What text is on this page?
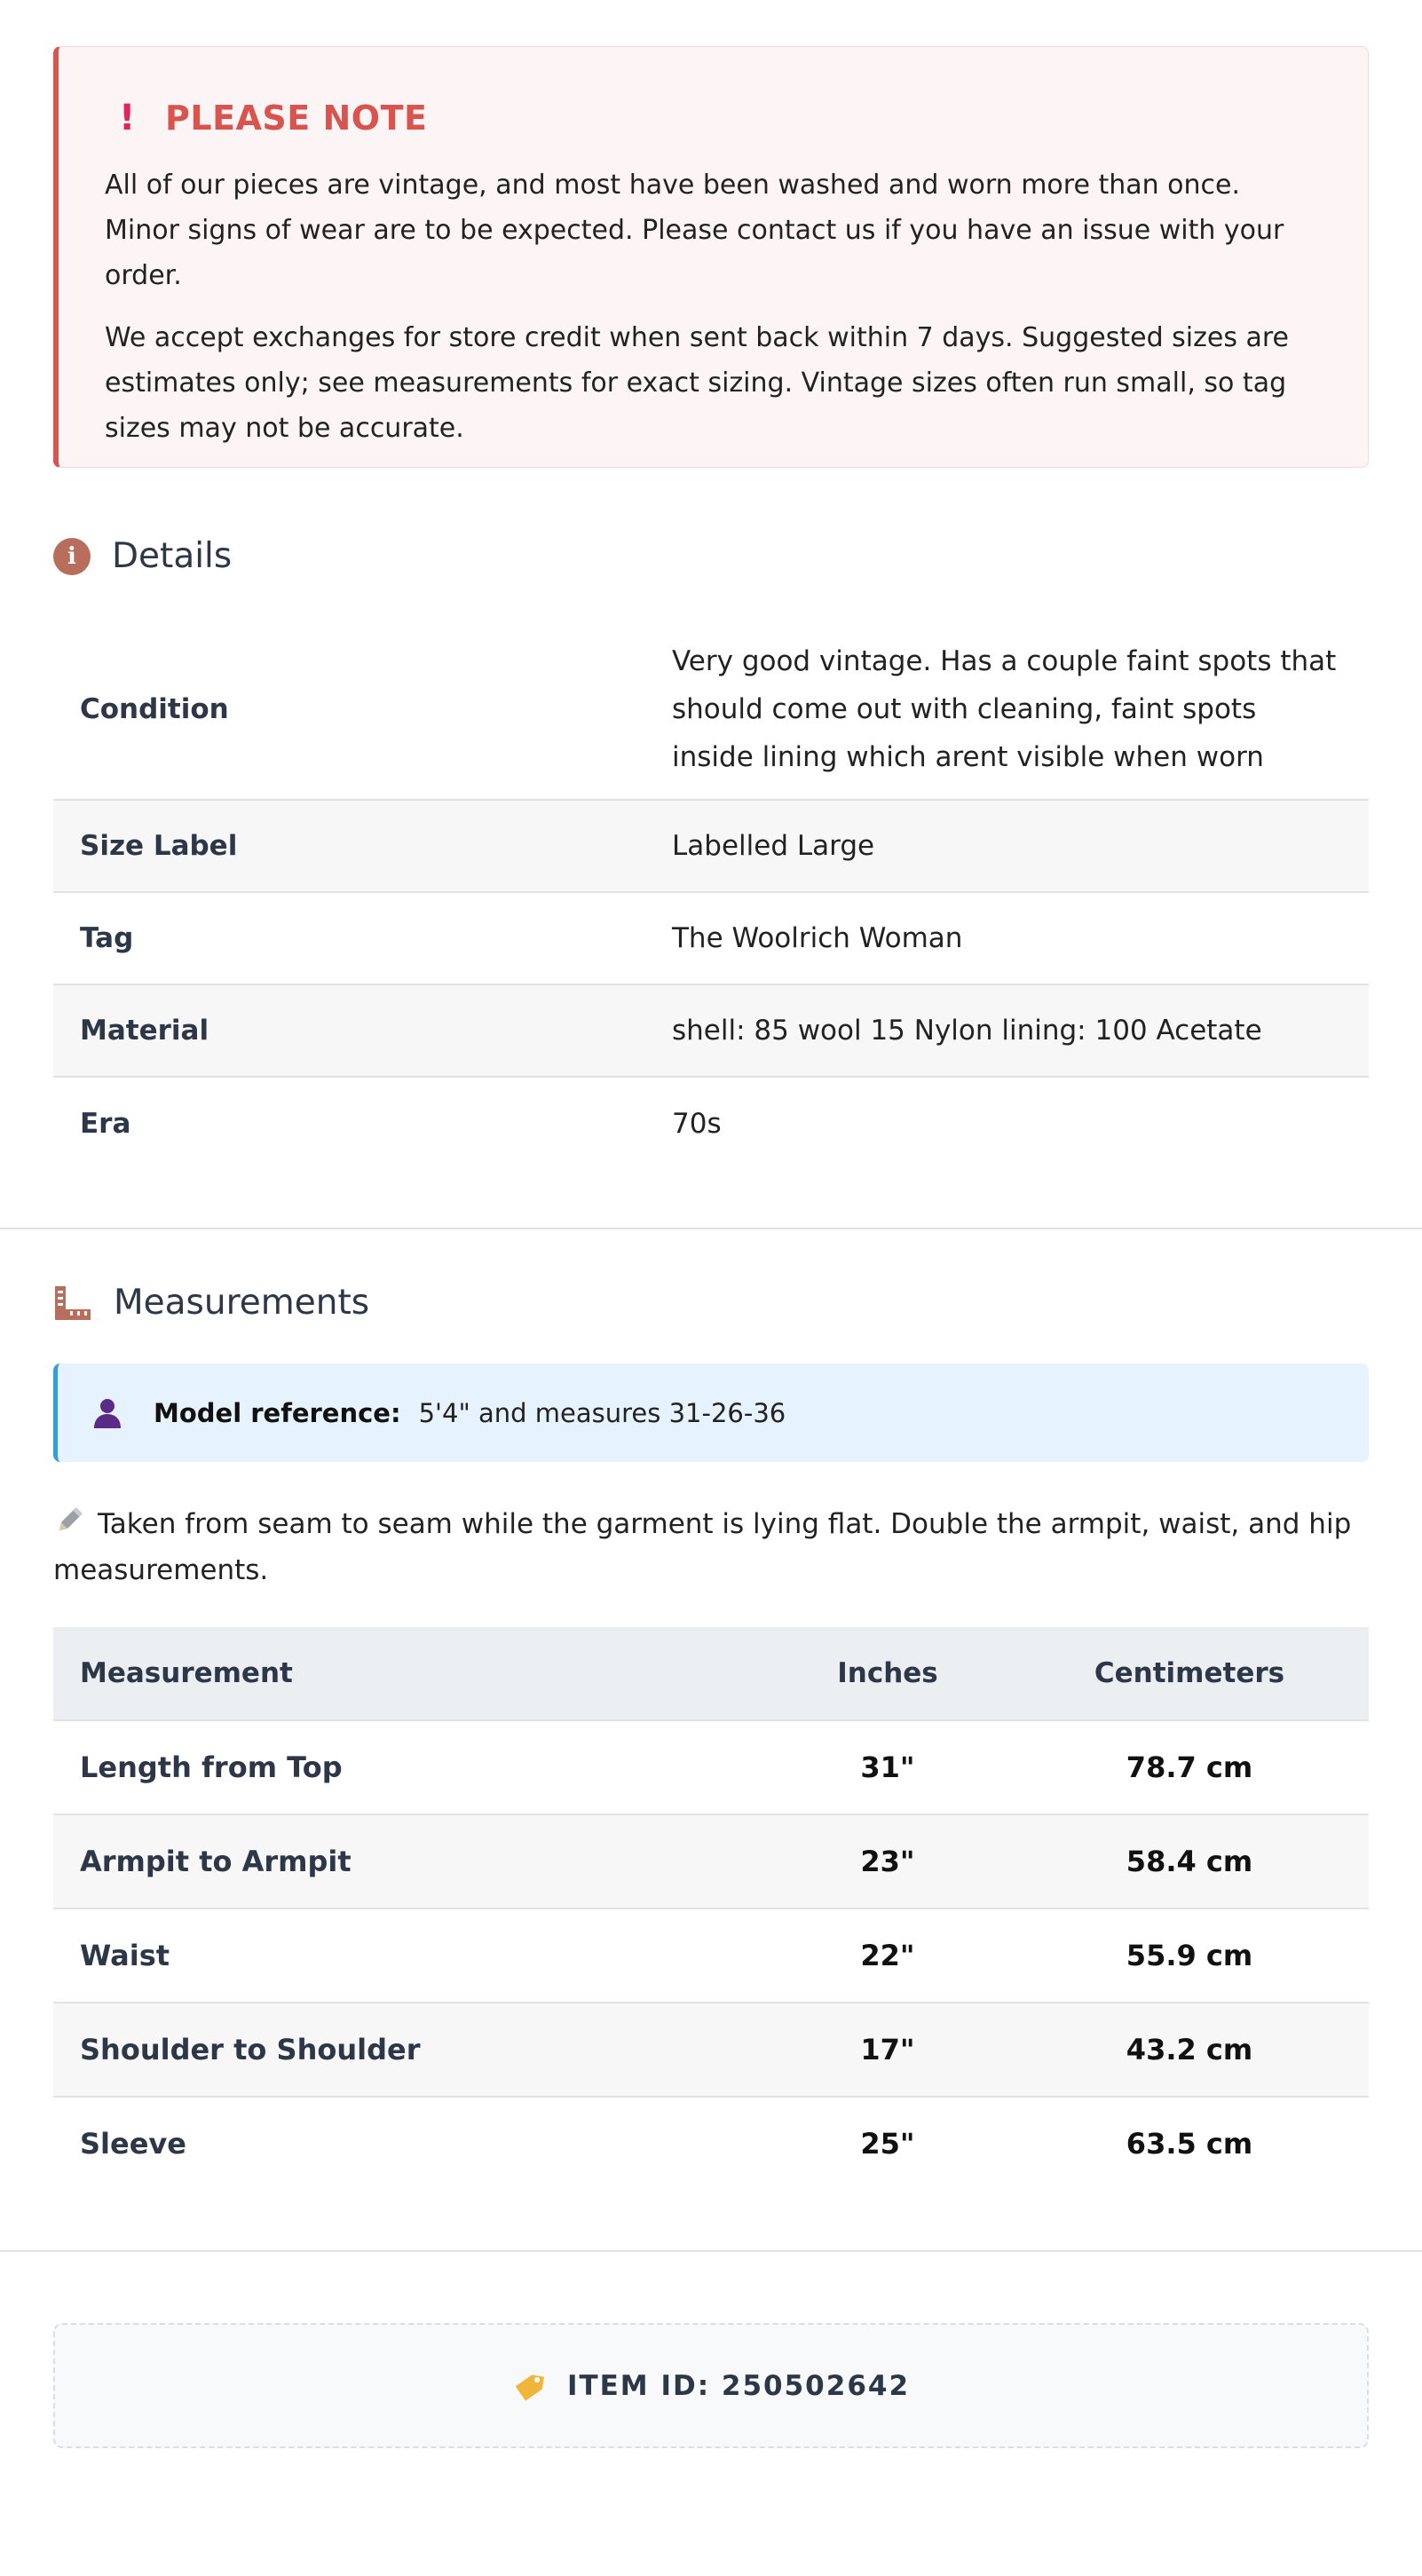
! PLEASE NOTE

All of our pieces are vintage, and most have been washed and worn more than once. Minor signs of wear are to be expected. Please contact us if you have an issue with your order.

We accept exchanges for store credit when sent back within 7 days. Suggested sizes are estimates only; see measurements for exact sizing. Vintage sizes often run small, so tag sizes may not be accurate.

i	Details
Condition	Very good vintage. Has a couple faint spots that should come out with cleaning, faint spots inside lining which arent visible when worn
Size Label	Labelled Large
Tag	The Woolrich Woman
Material	shell: 85 wool 15 Nylon lining: 100 Acetate
Era	70s
Measurements
Model reference: 5'4" and measures 31-26-36
Taken from seam to seam while the garment is lying flat. Double the armpit, waist, and hip measurements.
Measurement	Inches	Centimeters
Length from Top	31"	78.7 cm
Armpit to Armpit	23"	58.4 cm
Waist	22"	55.9 cm
Shoulder to Shoulder	17"	43.2 cm
Sleeve	25"	63.5 cm
ITEM ID: 250502642
